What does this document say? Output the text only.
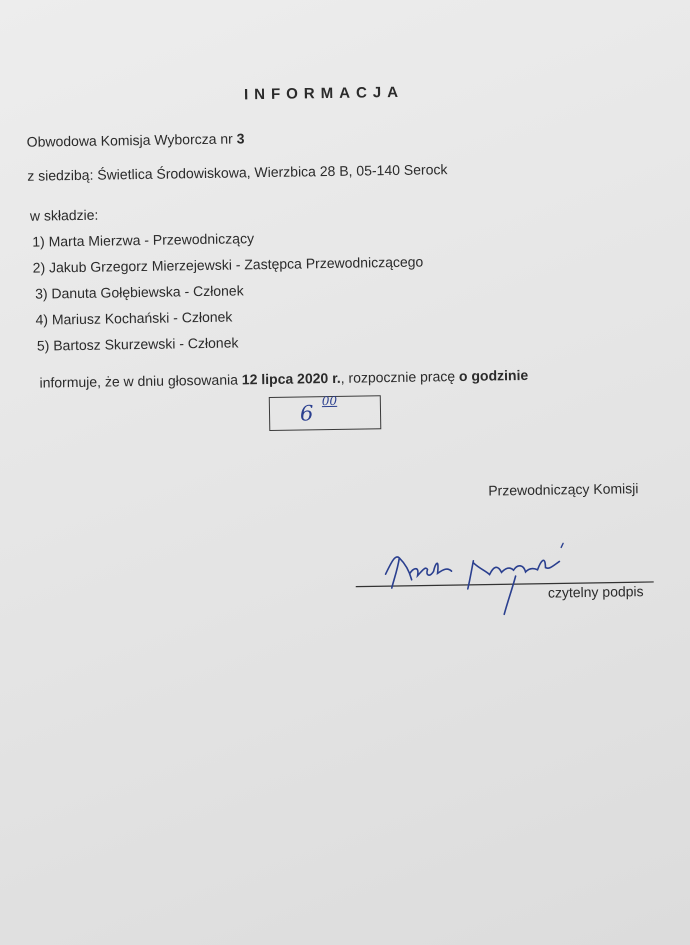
INFORMACJA
Obwodowa Komisja Wyborcza nr 3
z siedzibą: Świetlica Środowiskowa, Wierzbica 28 B, 05-140 Serock
w składzie:
1) Marta Mierzwa - Przewodniczący
2) Jakub Grzegorz Mierzejewski - Zastępca Przewodniczącego
3) Danuta Gołębiewska - Członek
4) Mariusz Kochański - Członek
5) Bartosz Skurzewski - Członek
informuje, że w dniu głosowania 12 lipca 2020 r., rozpocznie pracę o godzinie
6
00
Przewodniczący Komisji
Jakub Mierzejewski
czytelny podpis
